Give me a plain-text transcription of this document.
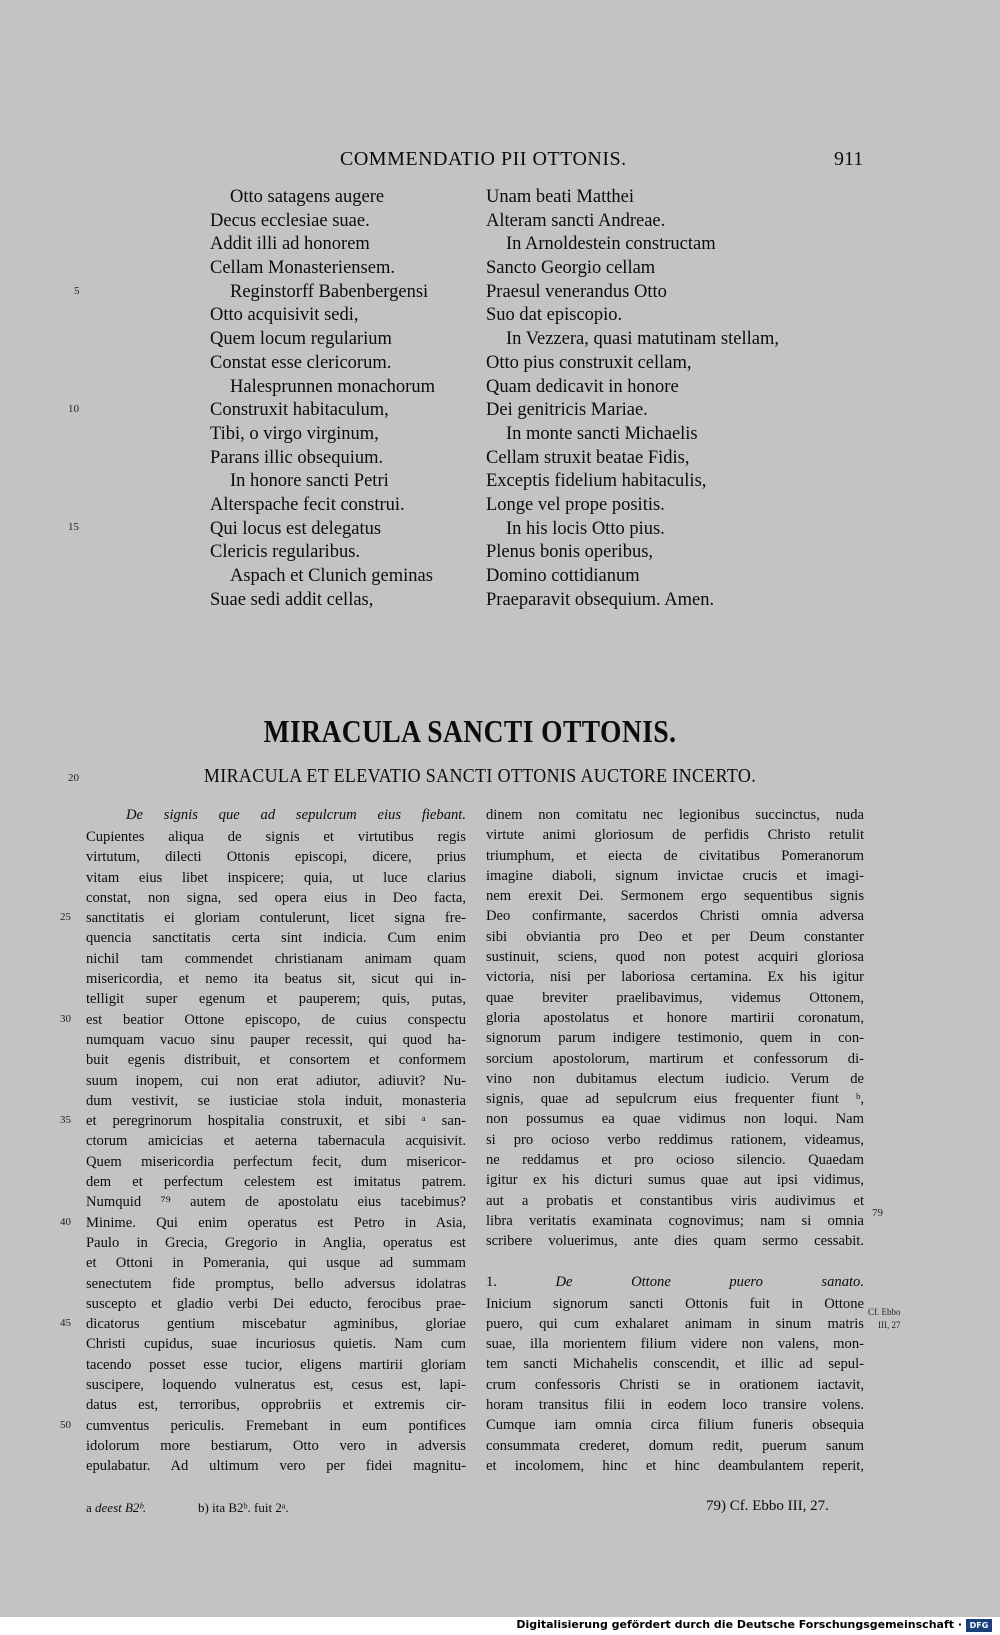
COMMENDATIO PII OTTONIS.	911
5
10
15
Otto satagens augere
Decus ecclesiae suae.
Addit illi ad honorem
Cellam Monasteriensem.
Reginstorff Babenbergensi
Otto acquisivit sedi,
Quem locum regularium
Constat esse clericorum.
Halesprunnen monachorum
Construxit habitaculum,
Tibi, o virgo virginum,
Parans illic obsequium.
In honore sancti Petri
Alterspache fecit construi.
Qui locus est delegatus
Clericis regularibus.
Aspach et Clunich geminas
Suae sedi addit cellas,
Unam beati Matthei
Alteram sancti Andreae.
In Arnoldestein constructam
Sancto Georgio cellam
Praesul venerandus Otto
Suo dat episcopio.
In Vezzera, quasi matutinam stellam,
Otto pius construxit cellam,
Quam dedicavit in honore
Dei genitricis Mariae.
In monte sancti Michaelis
Cellam struxit beatae Fidis,
Exceptis fidelium habitaculis,
Longe vel prope positis.
In his locis Otto pius.
Plenus bonis operibus,
Domino cottidianum
Praeparavit obsequium. Amen.
MIRACULA SANCTI OTTONIS.
20	MIRACULA ET ELEVATIO SANCTI OTTONIS AUCTORE INCERTO.
De signis que ad sepulcrum eius fiebant.
Cupientes aliqua de signis et virtutibus regis
virtutum, dilecti Ottonis episcopi, dicere, prius
vitam eius libet inspicere; quia, ut luce clarius
constat, non signa, sed opera eius in Deo facta,
sanctitatis ei gloriam contulerunt, licet signa fre-
quencia sanctitatis certa sint indicia. Cum enim
nichil tam commendet christianam animam quam
misericordia, et nemo ita beatus sit, sicut qui in-
telligit super egenum et pauperem; quis, putas,
est beatior Ottone episcopo, de cuius conspectu
numquam vacuo sinu pauper recessit, qui quod ha-
buit egenis distribuit, et consortem et conformem
suum inopem, cui non erat adiutor, adiuvit? Nu-
dum vestivit, se iusticiae stola induit, monasteria
et peregrinorum hospitalia construxit, et sibi ᵃ san-
ctorum amicicias et aeterna tabernacula acquisivit.
Quem misericordia perfectum fecit, dum misericor-
dem et perfectum celestem est imitatus patrem.
Numquid ⁷⁹ autem de apostolatu eius tacebimus?
Minime. Qui enim operatus est Petro in Asia,
Paulo in Grecia, Gregorio in Anglia, operatus est
et Ottoni in Pomerania, qui usque ad summam
senectutem fide promptus, bello adversus idolatras
suscepto et gladio verbi Dei educto, ferocibus prae-
dicatorus gentium miscebatur agminibus, gloriae
Christi cupidus, suae incuriosus quietis. Nam cum
tacendo posset esse tucior, eligens martirii gloriam
suscipere, loquendo vulneratus est, cesus est, lapi-
datus est, terroribus, opprobriis et extremis cir-
cumventus periculis. Fremebant in eum pontifices
idolorum more bestiarum, Otto vero in adversis
epulabatur. Ad ultimum vero per fidei magnitu-
25
30
35
40
45
50
dinem non comitatu nec legionibus succinctus, nuda
virtute animi gloriosum de perfidis Christo retulit
triumphum, et eiecta de civitatibus Pomeranorum
imagine diaboli, signum invictae crucis et imagi-
nem erexit Dei. Sermonem ergo sequentibus signis
Deo confirmante, sacerdos Christi omnia adversa
sibi obviantia pro Deo et per Deum constanter
sustinuit, sciens, quod non potest acquiri gloriosa
victoria, nisi per laboriosa certamina. Ex his igitur
quae breviter praelibavimus, videmus Ottonem,
gloria apostolatus et honore martirii coronatum,
signorum parum indigere testimonio, quem in con-
sorcium apostolorum, martirum et confessorum di-
vino non dubitamus electum iudicio. Verum de
signis, quae ad sepulcrum eius frequenter fiunt ᵇ,
non possumus ea quae vidimus non loqui. Nam
si pro ocioso verbo reddimus rationem, videamus,
ne reddamus et pro ocioso silencio. Quaedam
igitur ex his dicturi sumus quae aut ipsi vidimus,
aut a probatis et constantibus viris audivimus et
libra veritatis examinata cognovimus; nam si omnia
scribere voluerimus, ante dies quam sermo cessabit.
1.	De Ottone puero sanato.
Inicium signorum sancti Ottonis fuit in Ottone
puero, qui cum exhalaret animam in sinum matris
suae, illa morientem filium videre non valens, mon-
tem sancti Michahelis conscendit, et illic ad sepul-
crum confessoris Christi se in orationem iactavit,
horam transitus filii in eodem loco transire volens.
Cumque iam omnia circa filium funeris obsequia
consummata crederet, domum redit, puerum sanum
et incolomem, hinc et hinc deambulantem reperit,
79
Cf. Ebbo
III, 27
a deest B2ᵇ.	b) ita B2ᵇ. fuit 2ᵃ.	79) Cf. Ebbo III, 27.
Digitalisierung gefördert durch die Deutsche Forschungsgemeinschaft · DFG
